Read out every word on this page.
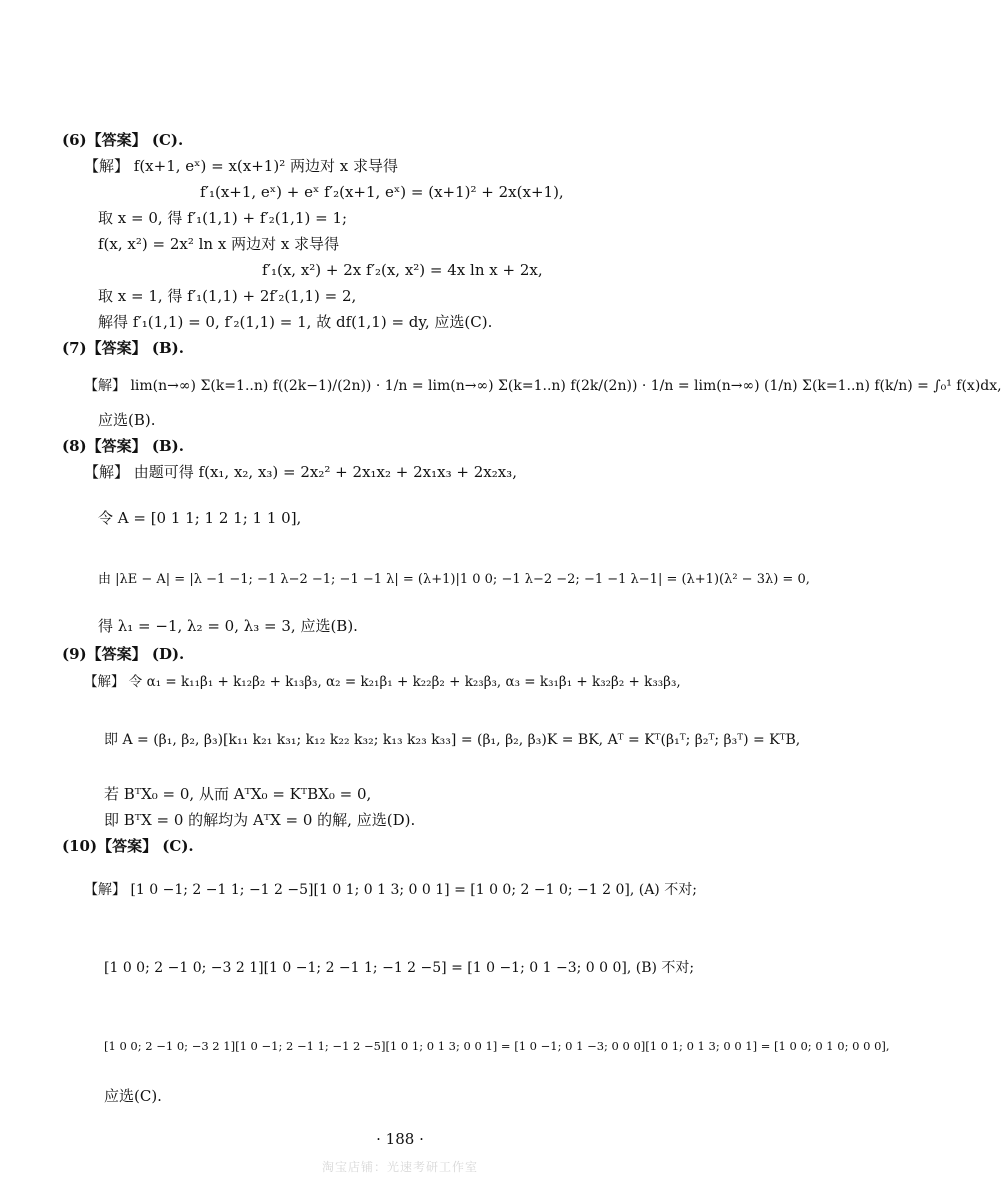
(6)【答案】 (C).
【解】 f(x+1, eˣ) = x(x+1)² 两边对 x 求导得
f′₁(x+1, eˣ) + eˣ f′₂(x+1, eˣ) = (x+1)² + 2x(x+1),
取 x = 0, 得 f′₁(1,1) + f′₂(1,1) = 1;
f(x, x²) = 2x² ln x 两边对 x 求导得
f′₁(x, x²) + 2x f′₂(x, x²) = 4x ln x + 2x,
取 x = 1, 得 f′₁(1,1) + 2f′₂(1,1) = 2,
解得 f′₁(1,1) = 0, f′₂(1,1) = 1, 故 df(1,1) = dy, 应选(C).
(7)【答案】 (B).
【解】 lim(n→∞) Σ(k=1..n) f((2k−1)/(2n)) · 1/n = lim(n→∞) Σ(k=1..n) f(2k/(2n)) · 1/n = lim(n→∞) (1/n) Σ(k=1..n) f(k/n) = ∫₀¹ f(x)dx,
应选(B).
(8)【答案】 (B).
【解】 由题可得 f(x₁, x₂, x₃) = 2x₂² + 2x₁x₂ + 2x₁x₃ + 2x₂x₃,
令 A = [0 1 1; 1 2 1; 1 1 0],
由 |λE − A| = |λ −1 −1; −1 λ−2 −1; −1 −1 λ| = (λ+1)|1 0 0; −1 λ−2 −2; −1 −1 λ−1| = (λ+1)(λ² − 3λ) = 0,
得 λ₁ = −1, λ₂ = 0, λ₃ = 3, 应选(B).
(9)【答案】 (D).
【解】 令 α₁ = k₁₁β₁ + k₁₂β₂ + k₁₃β₃, α₂ = k₂₁β₁ + k₂₂β₂ + k₂₃β₃, α₃ = k₃₁β₁ + k₃₂β₂ + k₃₃β₃,
即 A = (β₁, β₂, β₃)[k₁₁ k₂₁ k₃₁; k₁₂ k₂₂ k₃₂; k₁₃ k₂₃ k₃₃] = (β₁, β₂, β₃)K = BK, Aᵀ = Kᵀ(β₁ᵀ; β₂ᵀ; β₃ᵀ) = KᵀB,
若 BᵀX₀ = 0, 从而 AᵀX₀ = KᵀBX₀ = 0,
即 BᵀX = 0 的解均为 AᵀX = 0 的解, 应选(D).
(10)【答案】 (C).
【解】 [1 0 −1; 2 −1 1; −1 2 −5][1 0 1; 0 1 3; 0 0 1] = [1 0 0; 2 −1 0; −1 2 0], (A) 不对;
[1 0 0; 2 −1 0; −3 2 1][1 0 −1; 2 −1 1; −1 2 −5] = [1 0 −1; 0 1 −3; 0 0 0], (B) 不对;
[1 0 0; 2 −1 0; −3 2 1][1 0 −1; 2 −1 1; −1 2 −5][1 0 1; 0 1 3; 0 0 1] = [1 0 −1; 0 1 −3; 0 0 0][1 0 1; 0 1 3; 0 0 1] = [1 0 0; 0 1 0; 0 0 0],
应选(C).
· 188 ·
淘宝店铺：光速考研工作室
